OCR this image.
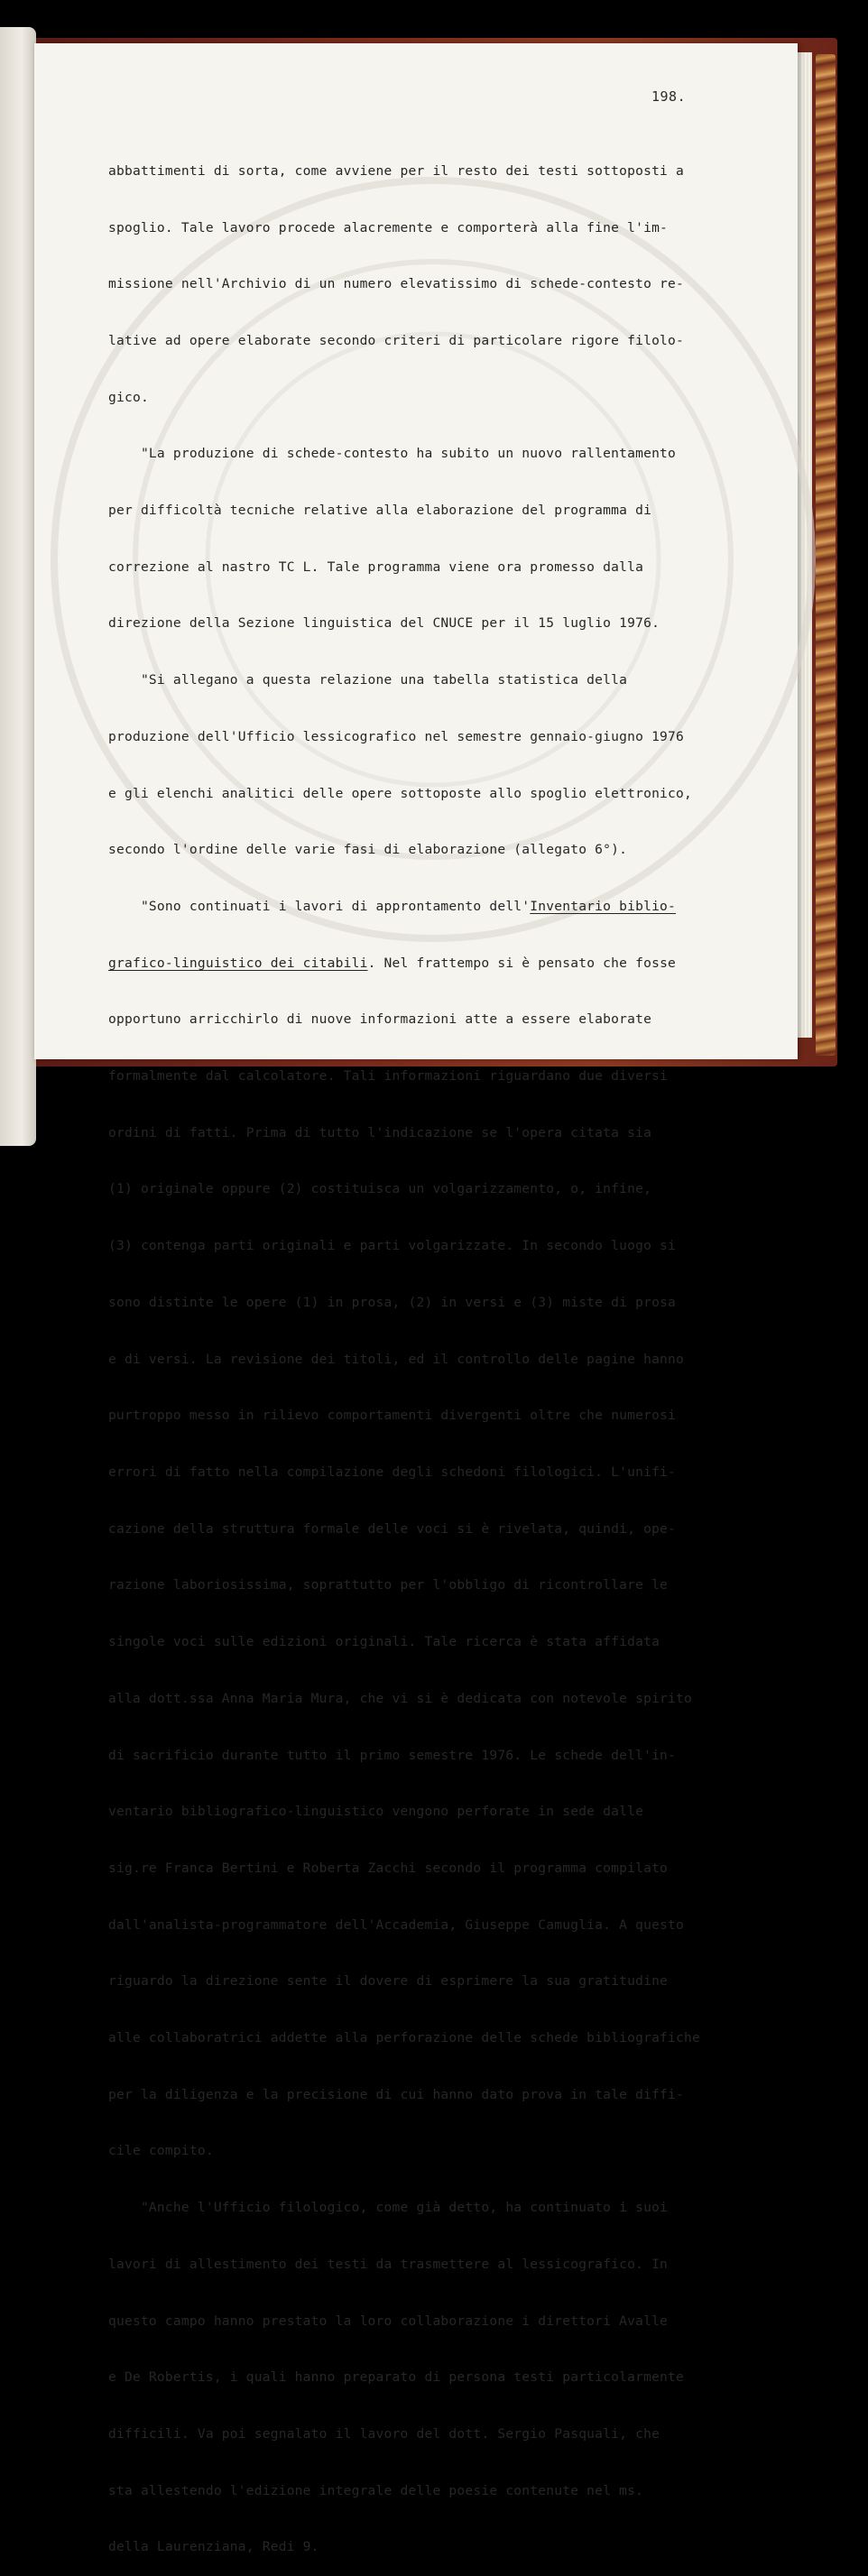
198.

abbattimenti di sorta, come avviene per il resto dei testi sottoposti a

spoglio. Tale lavoro procede alacremente e comporterà alla fine l'im-

missione nell'Archivio di un numero elevatissimo di schede-contesto re-

lative ad opere elaborate secondo criteri di particolare rigore filolo-

gico.

"La produzione di schede-contesto ha subito un nuovo rallentamento

per difficoltà tecniche relative alla elaborazione del programma di

correzione al nastro TC L. Tale programma viene ora promesso dalla

direzione della Sezione linguistica del CNUCE per il 15 luglio 1976.

"Si allegano a questa relazione una tabella statistica della

produzione dell'Ufficio lessicografico nel semestre gennaio-giugno 1976

e gli elenchi analitici delle opere sottoposte allo spoglio elettronico,

secondo l'ordine delle varie fasi di elaborazione (allegato 6°).

"Sono continuati i lavori di approntamento dell'Inventario biblio-

grafico-linguistico dei citabili. Nel frattempo si è pensato che fosse

opportuno arricchirlo di nuove informazioni atte a essere elaborate

formalmente dal calcolatore. Tali informazioni riguardano due diversi

ordini di fatti. Prima di tutto l'indicazione se l'opera citata sia

(1) originale oppure (2) costituisca un volgarizzamento, o, infine,

(3) contenga parti originali e parti volgarizzate. In secondo luogo si

sono distinte le opere (1) in prosa, (2) in versi e (3) miste di prosa

e di versi. La revisione dei titoli, ed il controllo delle pagine hanno

purtroppo messo in rilievo comportamenti divergenti oltre che numerosi

errori di fatto nella compilazione degli schedoni filologici. L'unifi-

cazione della struttura formale delle voci si è rivelata, quindi, ope-

razione laboriosissima, soprattutto per l'obbligo di ricontrollare le

singole voci sulle edizioni originali. Tale ricerca è stata affidata

alla dott.ssa Anna Maria Mura, che vi si è dedicata con notevole spirito

di sacrificio durante tutto il primo semestre 1976. Le schede dell'in-

ventario bibliografico-linguistico vengono perforate in sede dalle

sig.re Franca Bertini e Roberta Zacchi secondo il programma compilato

dall'analista-programmatore dell'Accademia, Giuseppe Camuglia. A questo

riguardo la direzione sente il dovere di esprimere la sua gratitudine

alle collaboratrici addette alla perforazione delle schede bibliografiche

per la diligenza e la precisione di cui hanno dato prova in tale diffi-

cile compito.

"Anche l'Ufficio filologico, come già detto, ha continuato i suoi

lavori di allestimento dei testi da trasmettere al lessicografico. In

questo campo hanno prestato la loro collaborazione i direttori Avalle

e De Robertis, i quali hanno preparato di persona testi particolarmente

difficili. Va poi segnalato il lavoro del dott. Sergio Pasquali, che

sta allestendo l'edizione integrale delle poesie contenute nel ms.

della Laurenziana, Redi 9.
